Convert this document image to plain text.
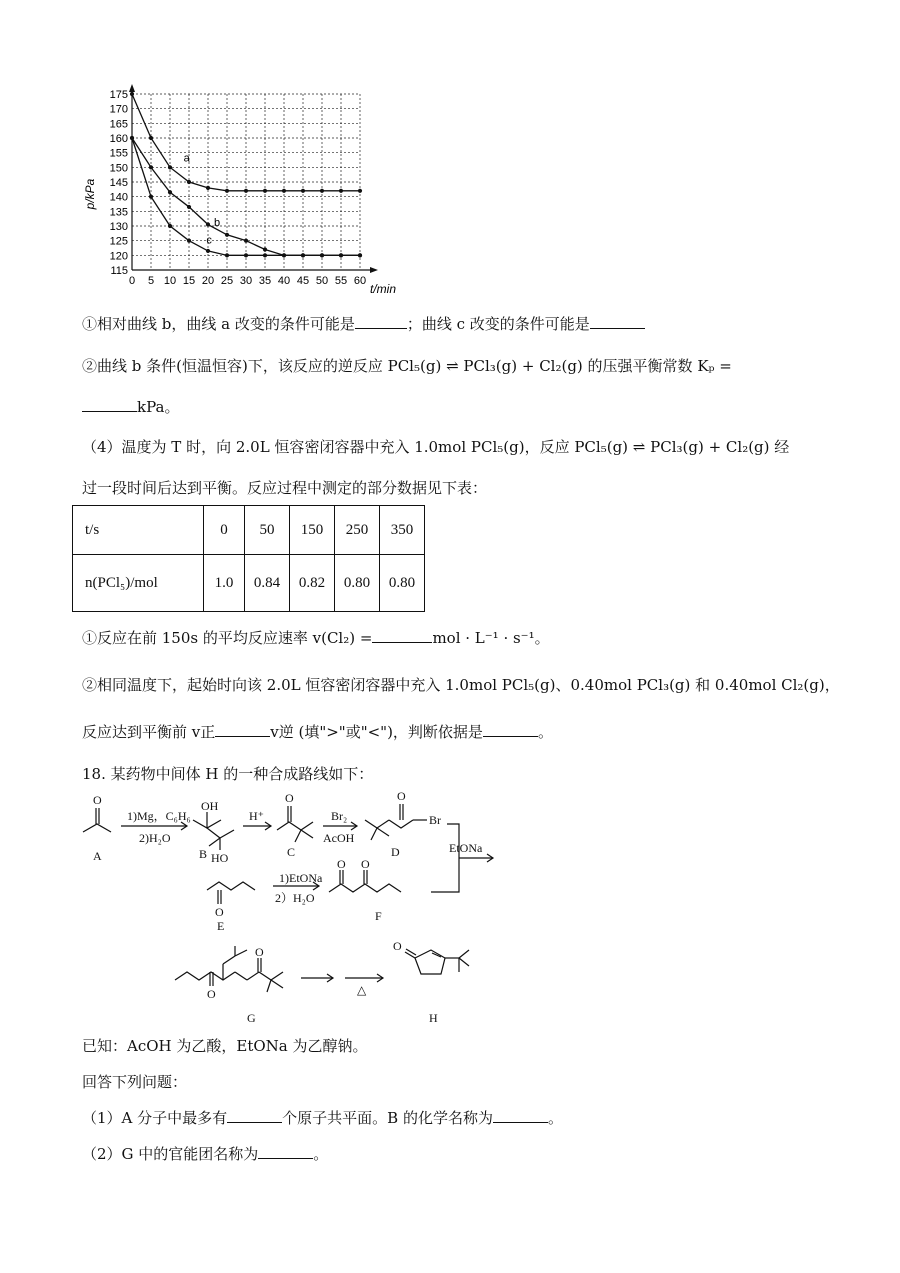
a
b
c
0 5 10 15 20 25 30 35 40 45 50 55 60
175
170
165
160
155
150
145
140
135
130
125
120
115
p/kPa
t/min
①相对曲线 b，曲线 a 改变的条件可能是	；曲线 c 改变的条件可能是
②曲线 b 条件(恒温恒容)下，该反应的逆反应 PCl₅(g) ⇌ PCl₃(g) + Cl₂(g) 的压强平衡常数 Kₚ =
kPa。
（4）温度为 T 时，向 2.0L 恒容密闭容器中充入 1.0mol PCl₅(g)，反应 PCl₅(g) ⇌ PCl₃(g) + Cl₂(g) 经
过一段时间后达到平衡。反应过程中测定的部分数据见下表：
t/s	0	50	150	250	350
n(PCl₅)/mol	1.0	0.84	0.82	0.80	0.80
①反应在前 150s 的平均反应速率 v(Cl₂) =	mol · L⁻¹ · s⁻¹。
②相同温度下，起始时向该 2.0L 恒容密闭容器中充入 1.0mol PCl₅(g)、0.40mol PCl₃(g) 和 0.40mol Cl₂(g)，
反应达到平衡前 v正	v逆 (填">"或"<")，判断依据是	。
18. 某药物中间体 H 的一种合成路线如下：
O
A
1)Mg，C₆H₆
2)H₂O
OH
HO
B
H⁺
O
C
Br₂
AcOH
O
Br
D	EtONa
O
E
1)EtONa
2）H₂O
O O
F
O
O
G
△
O
H
已知：AcOH 为乙酸，EtONa 为乙醇钠。
回答下列问题：
（1）A 分子中最多有	个原子共平面。B 的化学名称为	。
（2）G 中的官能团名称为	。
